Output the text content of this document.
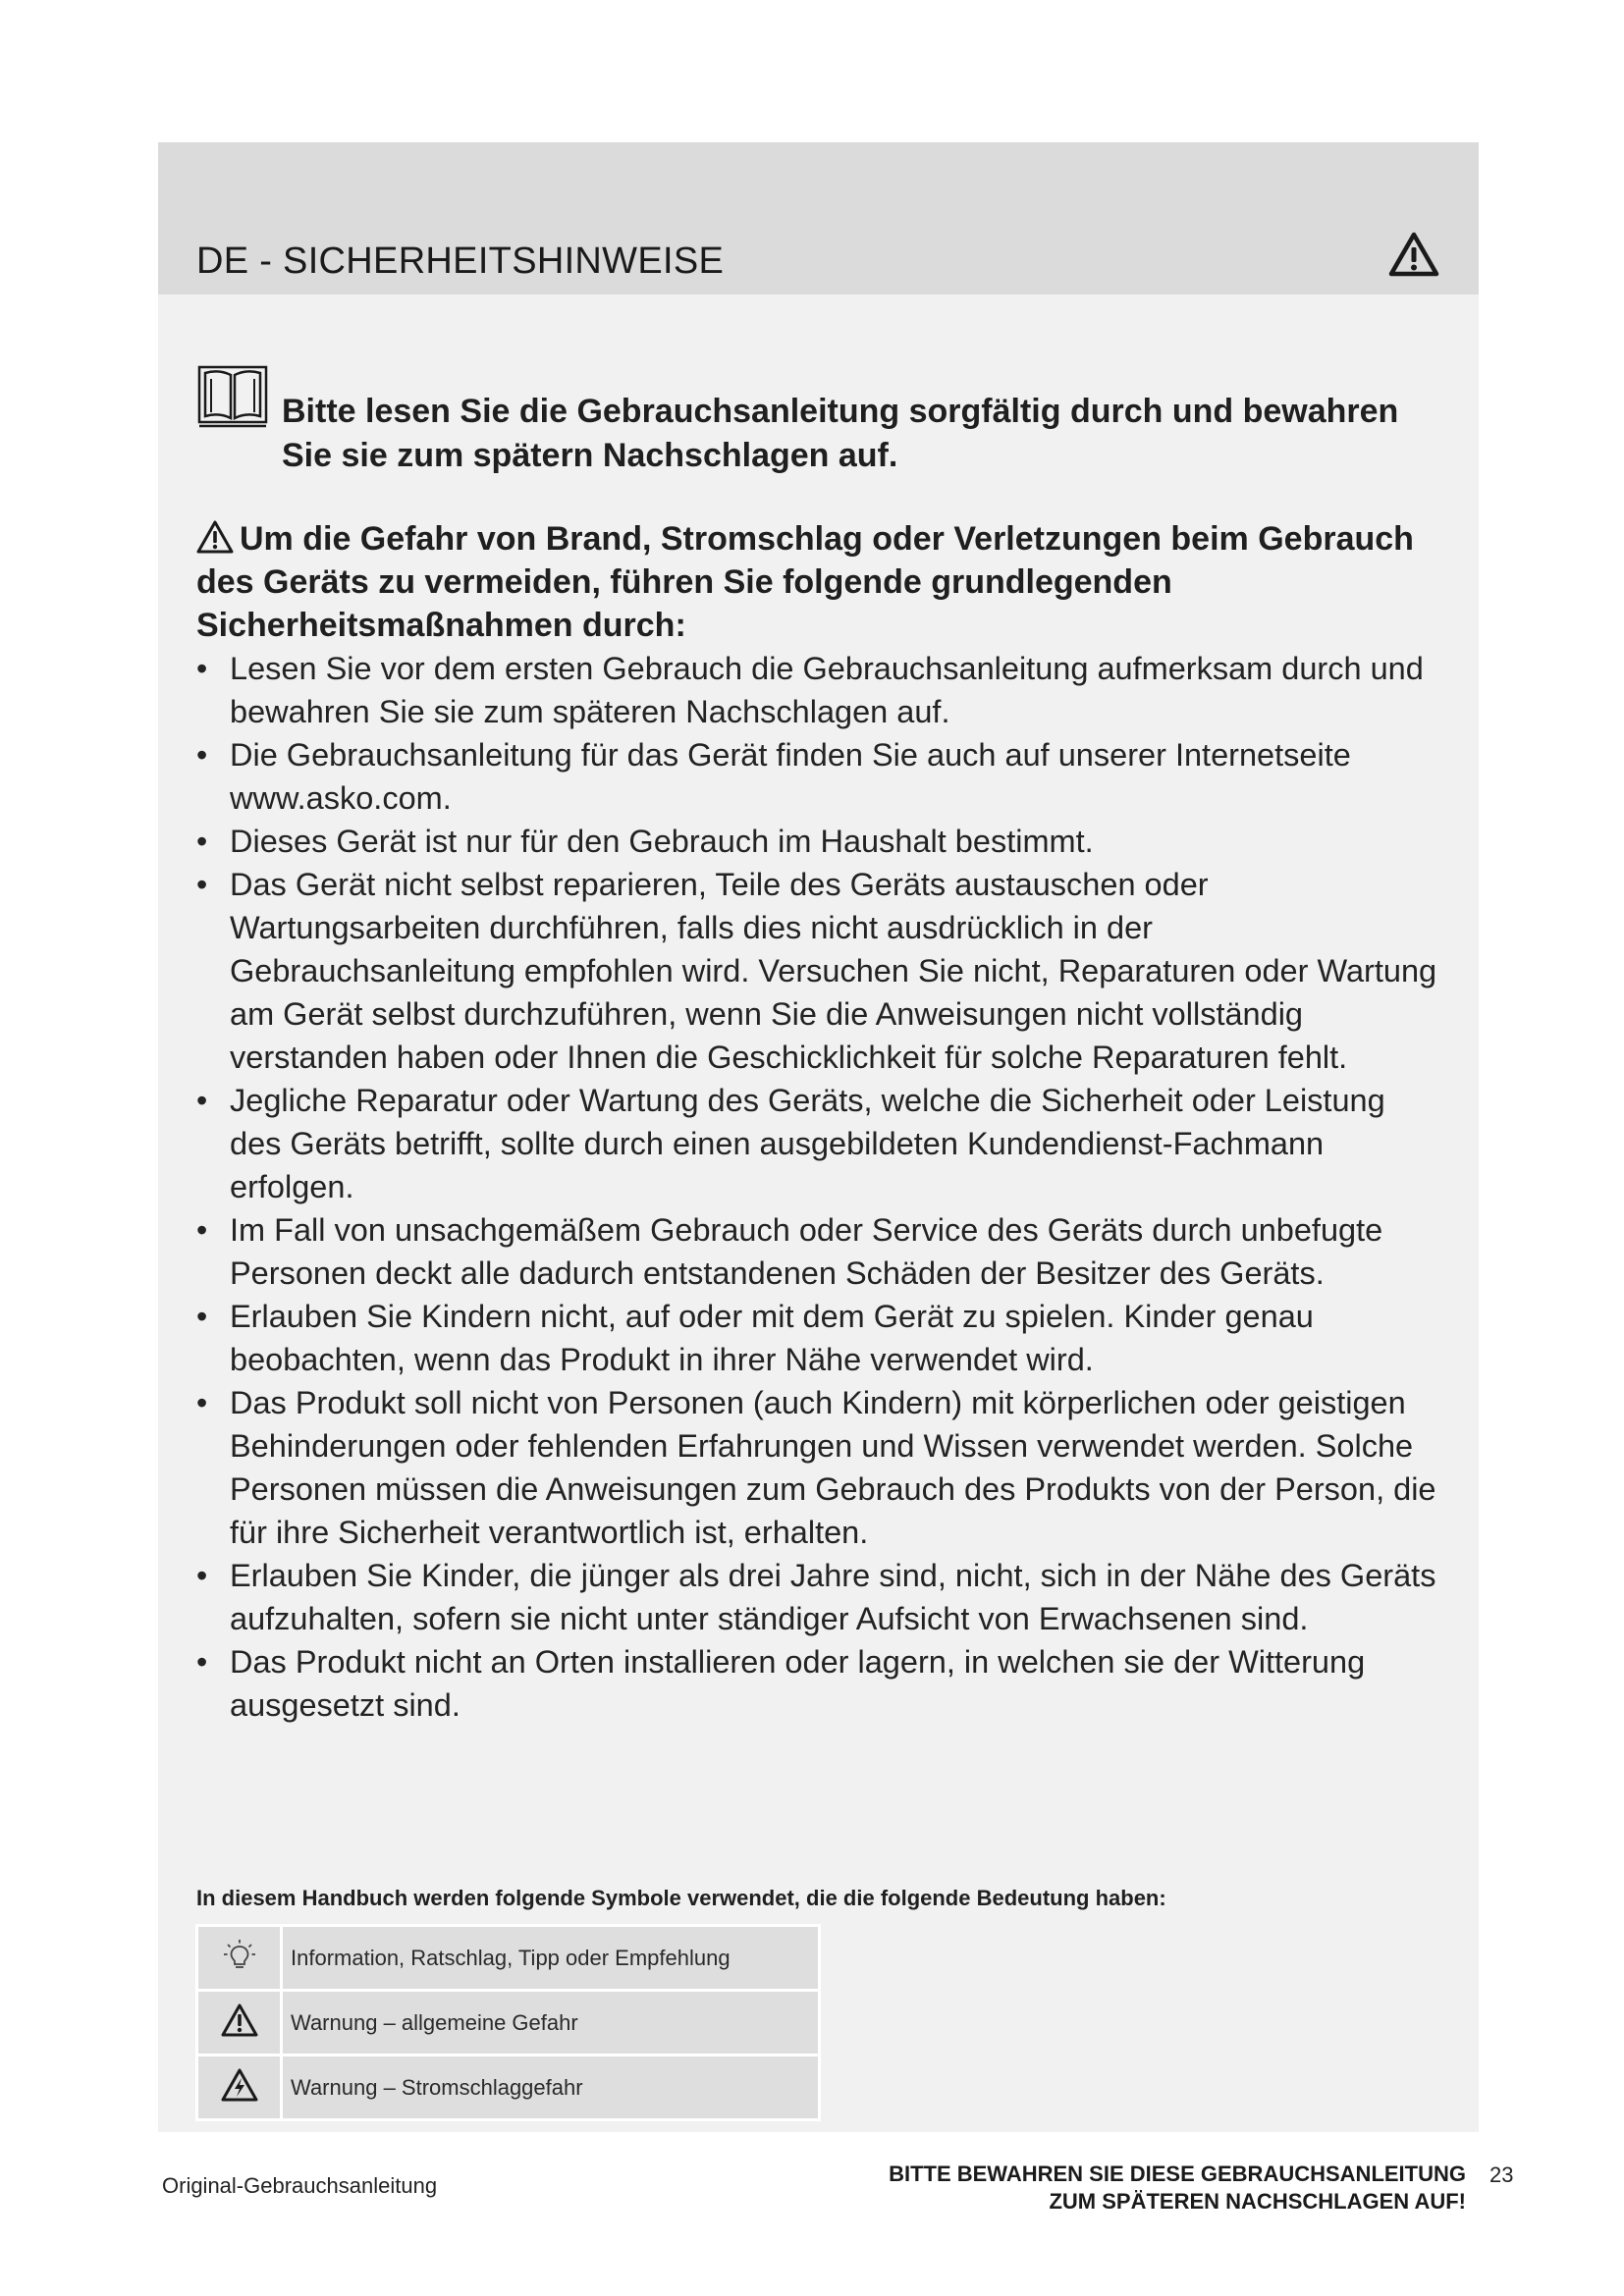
DE - SICHERHEITSHINWEISE

Bitte lesen Sie die Gebrauchsanleitung sorgfältig durch und bewahren Sie sie zum spätern Nachschlagen auf.

Um die Gefahr von Brand, Stromschlag oder Verletzungen beim Gebrauch des Geräts zu vermeiden, führen Sie folgende grundlegenden Sicherheitsmaßnahmen durch:

• Lesen Sie vor dem ersten Gebrauch die Gebrauchsanleitung aufmerksam durch und bewahren Sie sie zum späteren Nachschlagen auf.
• Die Gebrauchsanleitung für das Gerät finden Sie auch auf unserer Internetseite www.asko.com.
• Dieses Gerät ist nur für den Gebrauch im Haushalt bestimmt.
• Das Gerät nicht selbst reparieren, Teile des Geräts austauschen oder Wartungsarbeiten durchführen, falls dies nicht ausdrücklich in der Gebrauchsanleitung empfohlen wird. Versuchen Sie nicht, Reparaturen oder Wartung am Gerät selbst durchzuführen, wenn Sie die Anweisungen nicht vollständig verstanden haben oder Ihnen die Geschicklichkeit für solche Reparaturen fehlt.
• Jegliche Reparatur oder Wartung des Geräts, welche die Sicherheit oder Leistung des Geräts betrifft, sollte durch einen ausgebildeten Kundendienst-Fachmann erfolgen.
• Im Fall von unsachgemäßem Gebrauch oder Service des Geräts durch unbefugte Personen deckt alle dadurch entstandenen Schäden der Besitzer des Geräts.
• Erlauben Sie Kindern nicht, auf oder mit dem Gerät zu spielen. Kinder genau beobachten, wenn das Produkt in ihrer Nähe verwendet wird.
• Das Produkt soll nicht von Personen (auch Kindern) mit körperlichen oder geistigen Behinderungen oder fehlenden Erfahrungen und Wissen verwendet werden. Solche Personen müssen die Anweisungen zum Gebrauch des Produkts von der Person, die für ihre Sicherheit verantwortlich ist, erhalten.
• Erlauben Sie Kinder, die jünger als drei Jahre sind, nicht, sich in der Nähe des Geräts aufzuhalten, sofern sie nicht unter ständiger Aufsicht von Erwachsenen sind.
• Das Produkt nicht an Orten installieren oder lagern, in welchen sie der Witterung ausgesetzt sind.

In diesem Handbuch werden folgende Symbole verwendet, die die folgende Bedeutung haben:

	Information, Ratschlag, Tipp oder Empfehlung
	Warnung – allgemeine Gefahr
	Warnung – Stromschlaggefahr
Original-Gebrauchsanleitung	BITTE BEWAHREN SIE DIESE GEBRAUCHSANLEITUNG
ZUM SPÄTEREN NACHSCHLAGEN AUF!
23
